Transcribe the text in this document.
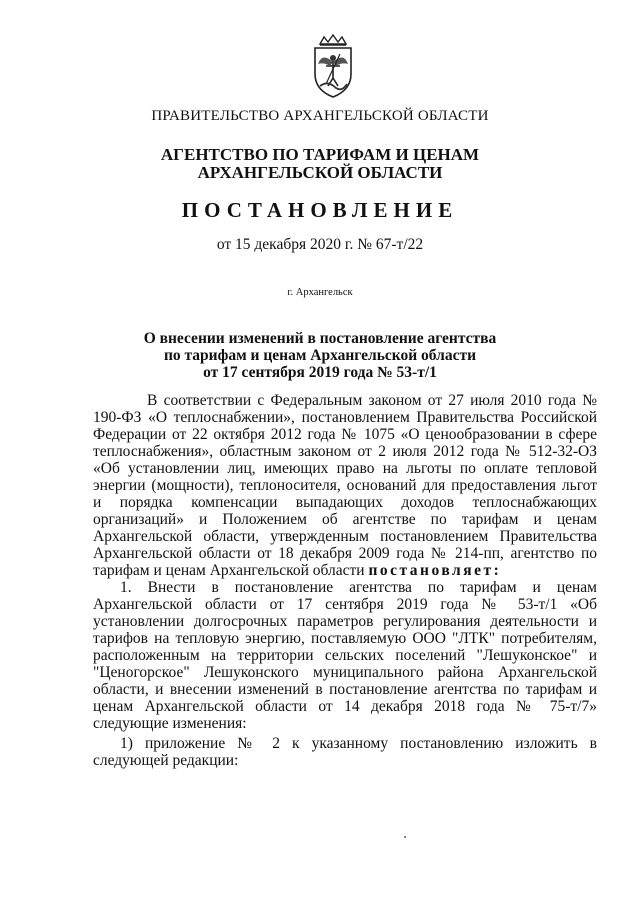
ПРАВИТЕЛЬСТВО АРХАНГЕЛЬСКОЙ ОБЛАСТИ
АГЕНТСТВО ПО ТАРИФАМ И ЦЕНАМ
АРХАНГЕЛЬСКОЙ ОБЛАСТИ
ПОСТАНОВЛЕНИЕ
от 15 декабря 2020 г. № 67-т/22
г. Архангельск
О внесении изменений в постановление агентства
по тарифам и ценам Архангельской области
от 17 сентября 2019 года № 53-т/1
В соответствии с Федеральным законом от 27 июля 2010 года № 190-ФЗ «О теплоснабжении», постановлением Правительства Российской Федерации от 22 октября 2012 года № 1075 «О ценообразовании в сфере теплоснабжения», областным законом от 2 июля 2012 года № 512-32-ОЗ «Об установлении лиц, имеющих право на льготы по оплате тепловой энергии (мощности), теплоносителя, оснований для предоставления льгот и порядка компенсации выпадающих доходов теплоснабжающих организаций» и Положением об агентстве по тарифам и ценам Архангельской области, утвержденным постановлением Правительства Архангельской области от 18 декабря 2009 года № 214-пп, агентство по тарифам и ценам Архангельской области постановляет:
1. Внести в постановление агентства по тарифам и ценам Архангельской области от 17 сентября 2019 года № 53-т/1 «Об установлении долгосрочных параметров регулирования деятельности и тарифов на тепловую энергию, поставляемую ООО "ЛТК" потребителям, расположенным на территории сельских поселений "Лешуконское" и "Ценогорское" Лешуконского муниципального района Архангельской области, и внесении изменений в постановление агентства по тарифам и ценам Архангельской области от 14 декабря 2018 года № 75-т/7» следующие изменения:
1) приложение № 2 к указанному постановлению изложить в следующей редакции:
